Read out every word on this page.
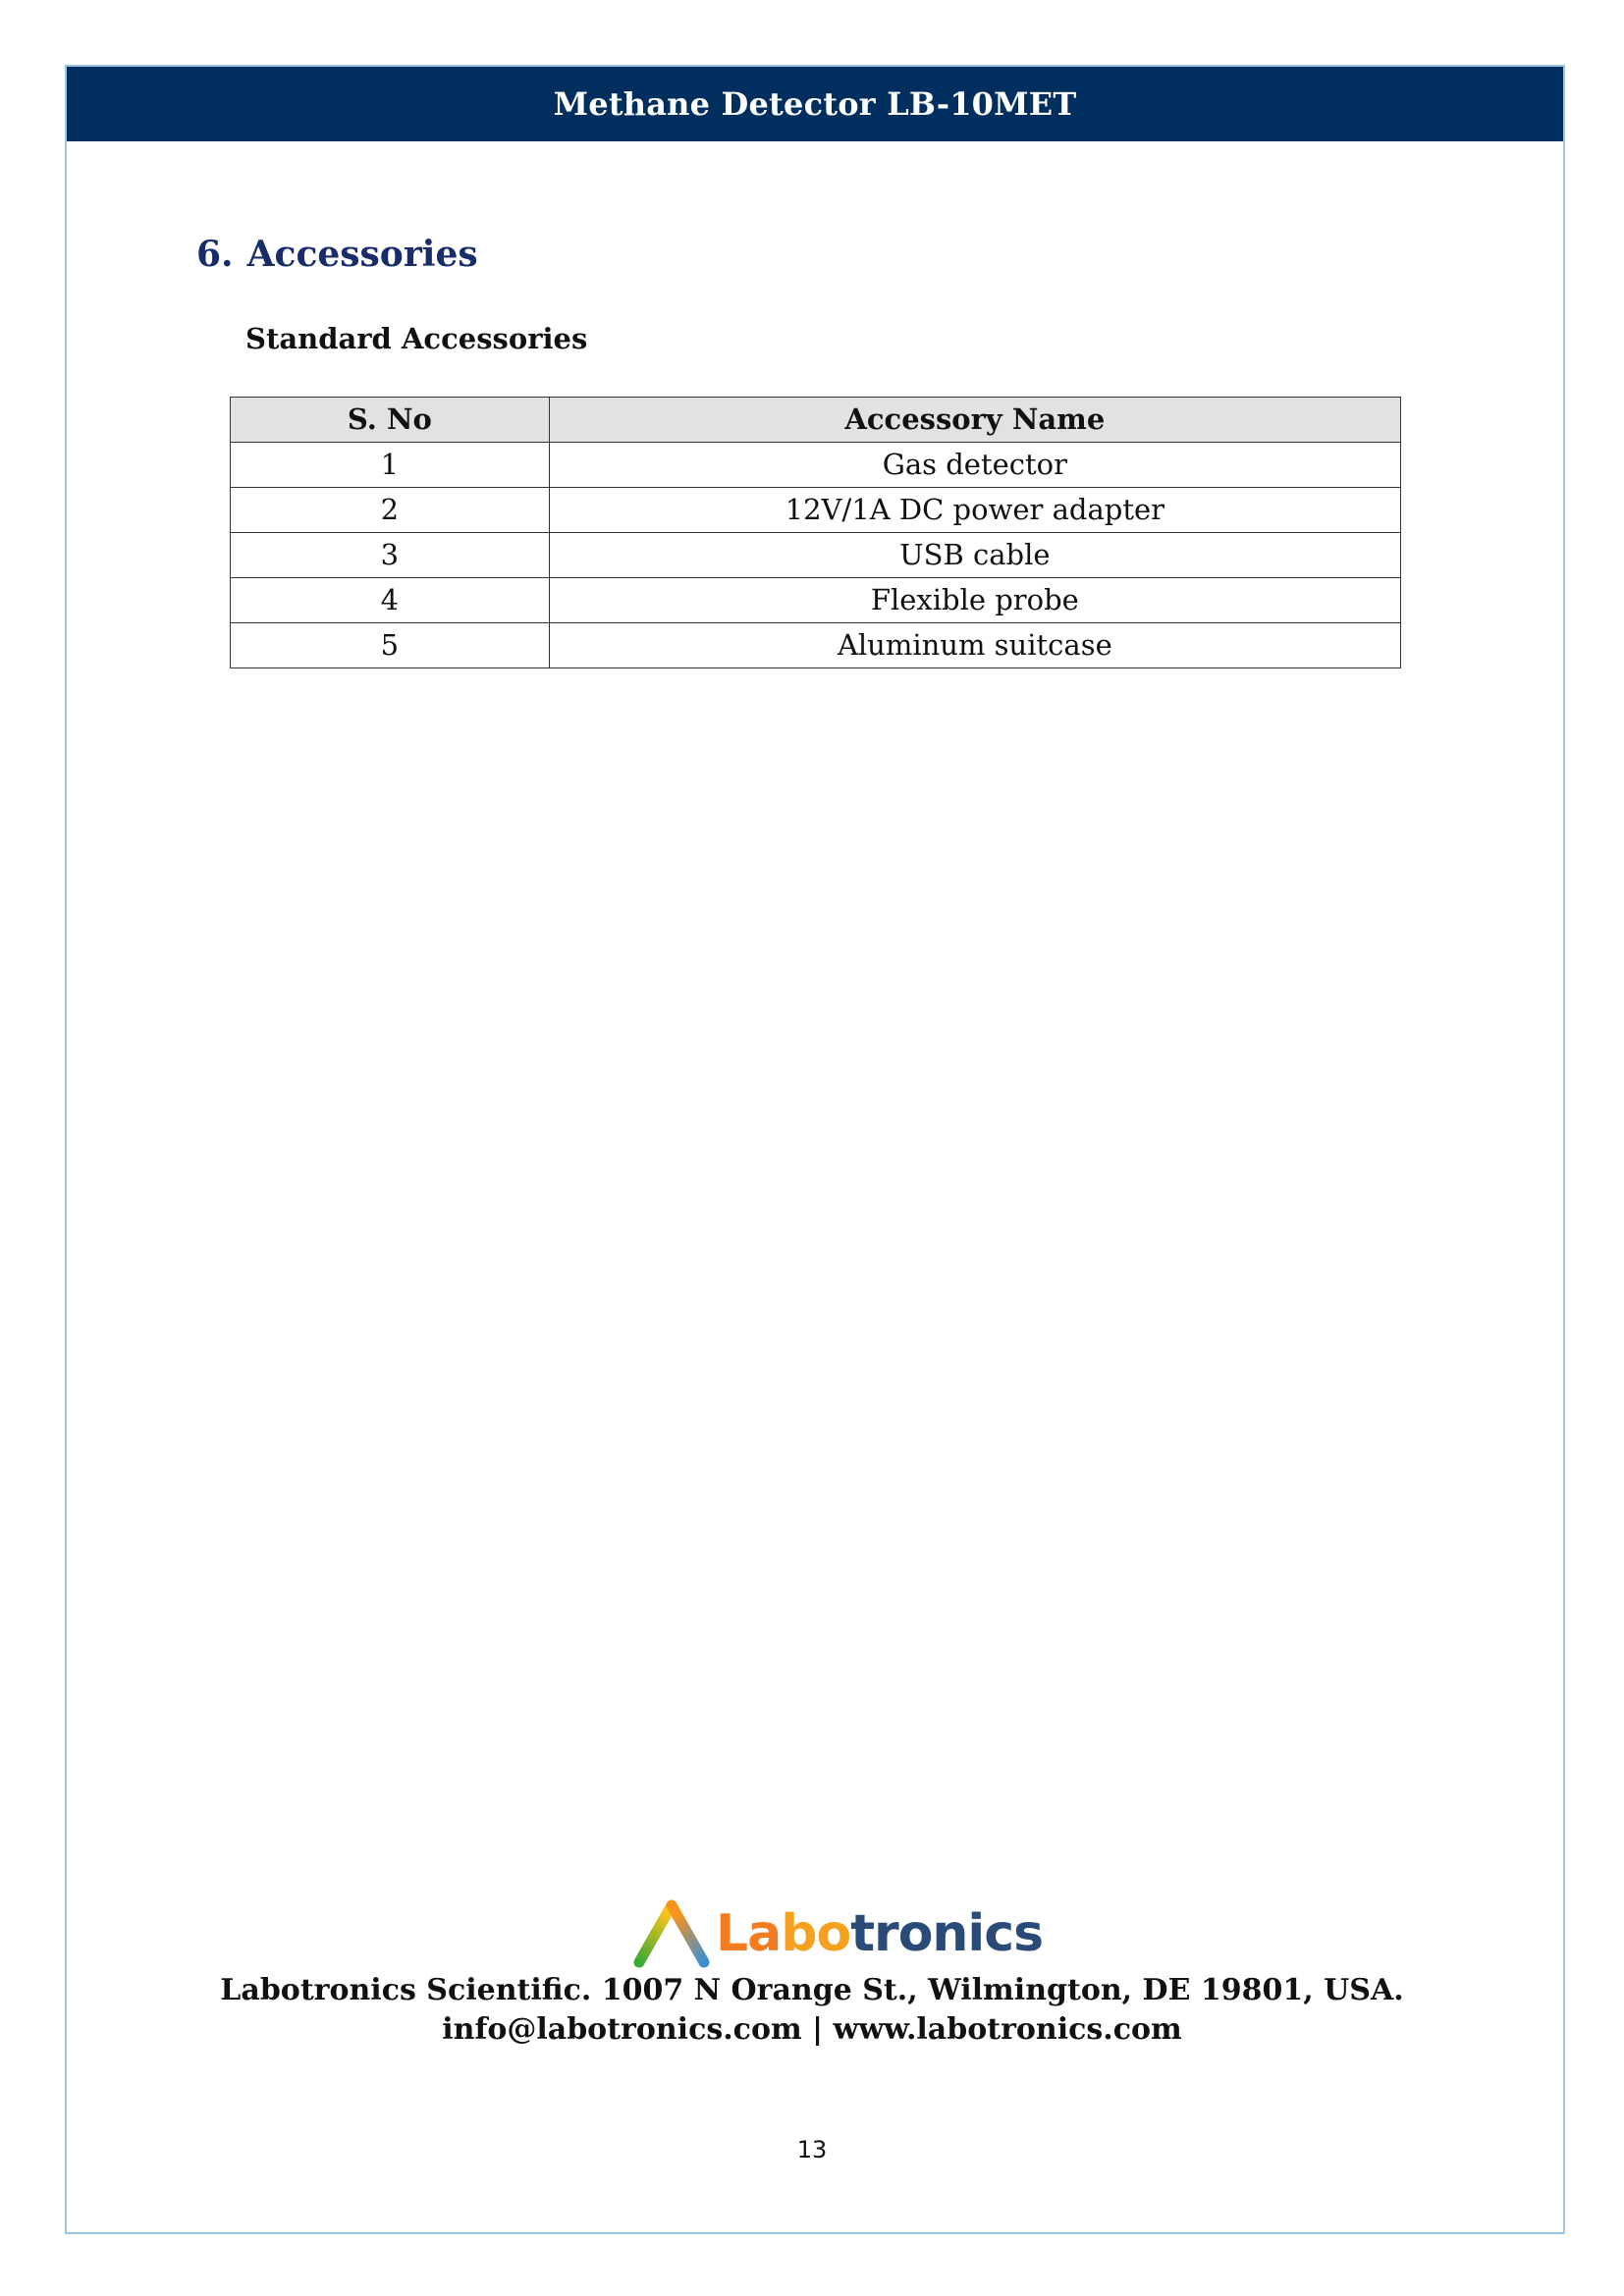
Methane Detector LB-10MET
6. Accessories
Standard Accessories
S. No	Accessory Name
1	Gas detector
2	12V/1A DC power adapter
3	USB cable
4	Flexible probe
5	Aluminum suitcase
La bo tronics
Labotronics Scientific. 1007 N Orange St., Wilmington, DE 19801, USA.
info@labotronics.com | www.labotronics.com
13
